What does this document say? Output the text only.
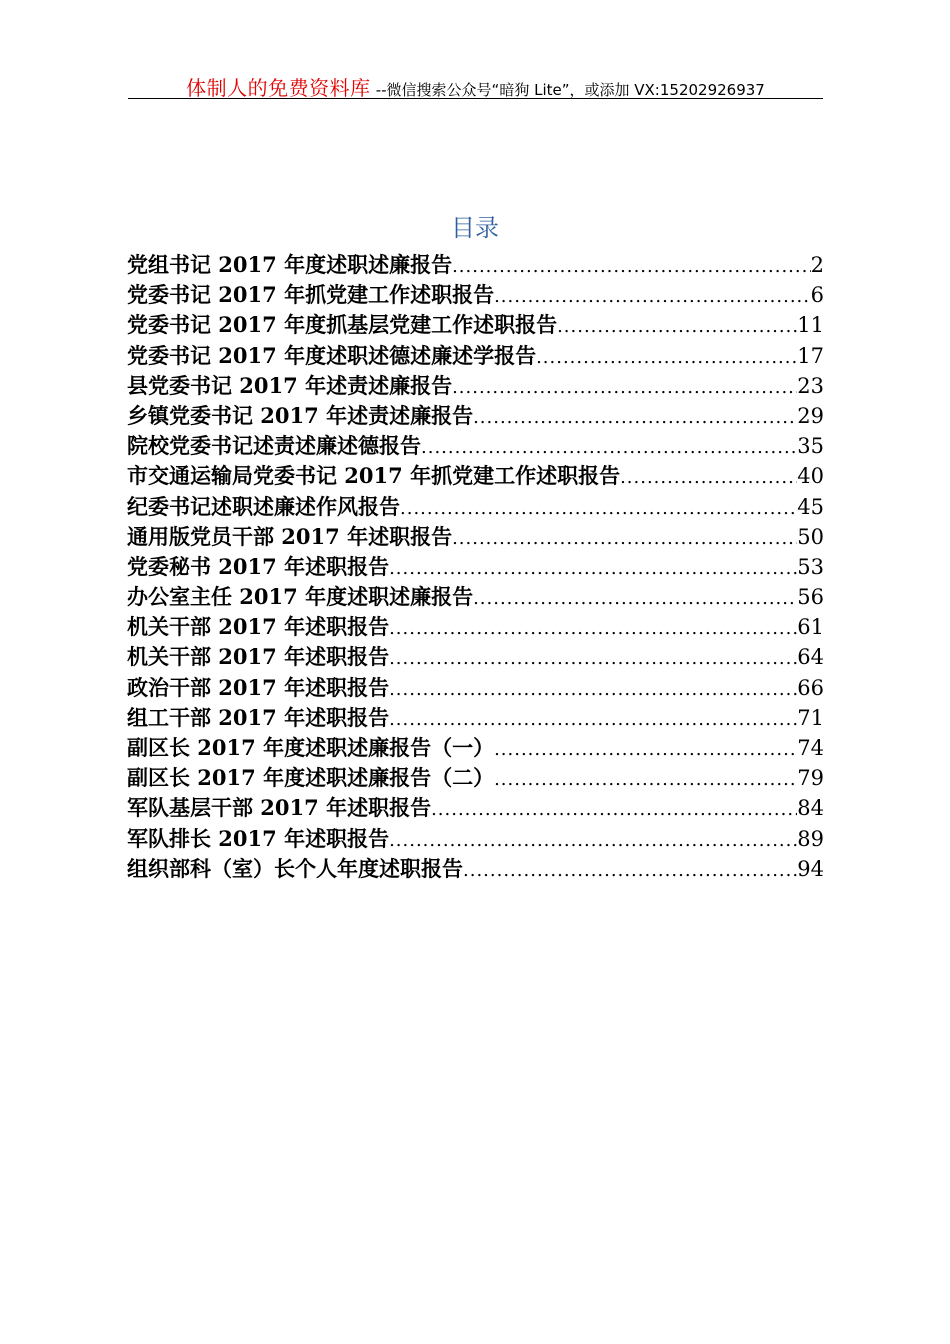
体制人的免费资料库 --微信搜索公众号“暗狗 Lite”，或添加 VX:15202926937
目录
党组书记 2017 年度述职述廉报告 .....	2
党委书记 2017 年抓党建工作述职报告 .....	6
党委书记 2017 年度抓基层党建工作述职报告 .....	11
党委书记 2017 年度述职述德述廉述学报告 .....	17
县党委书记 2017 年述责述廉报告 .....	23
乡镇党委书记 2017 年述责述廉报告 .....	29
院校党委书记述责述廉述德报告 .....	35
市交通运输局党委书记 2017 年抓党建工作述职报告 .....	40
纪委书记述职述廉述作风报告 .....	45
通用版党员干部 2017 年述职报告 .....	50
党委秘书 2017 年述职报告 .....	53
办公室主任 2017 年度述职述廉报告 .....	56
机关干部 2017 年述职报告 .....	61
机关干部 2017 年述职报告 .....	64
政治干部 2017 年述职报告 .....	66
组工干部 2017 年述职报告 .....	71
副区长 2017 年度述职述廉报告（一） .....	74
副区长 2017 年度述职述廉报告（二） .....	79
军队基层干部 2017 年述职报告 .....	84
军队排长 2017 年述职报告 .....	89
组织部科（室）长个人年度述职报告 .....	94
